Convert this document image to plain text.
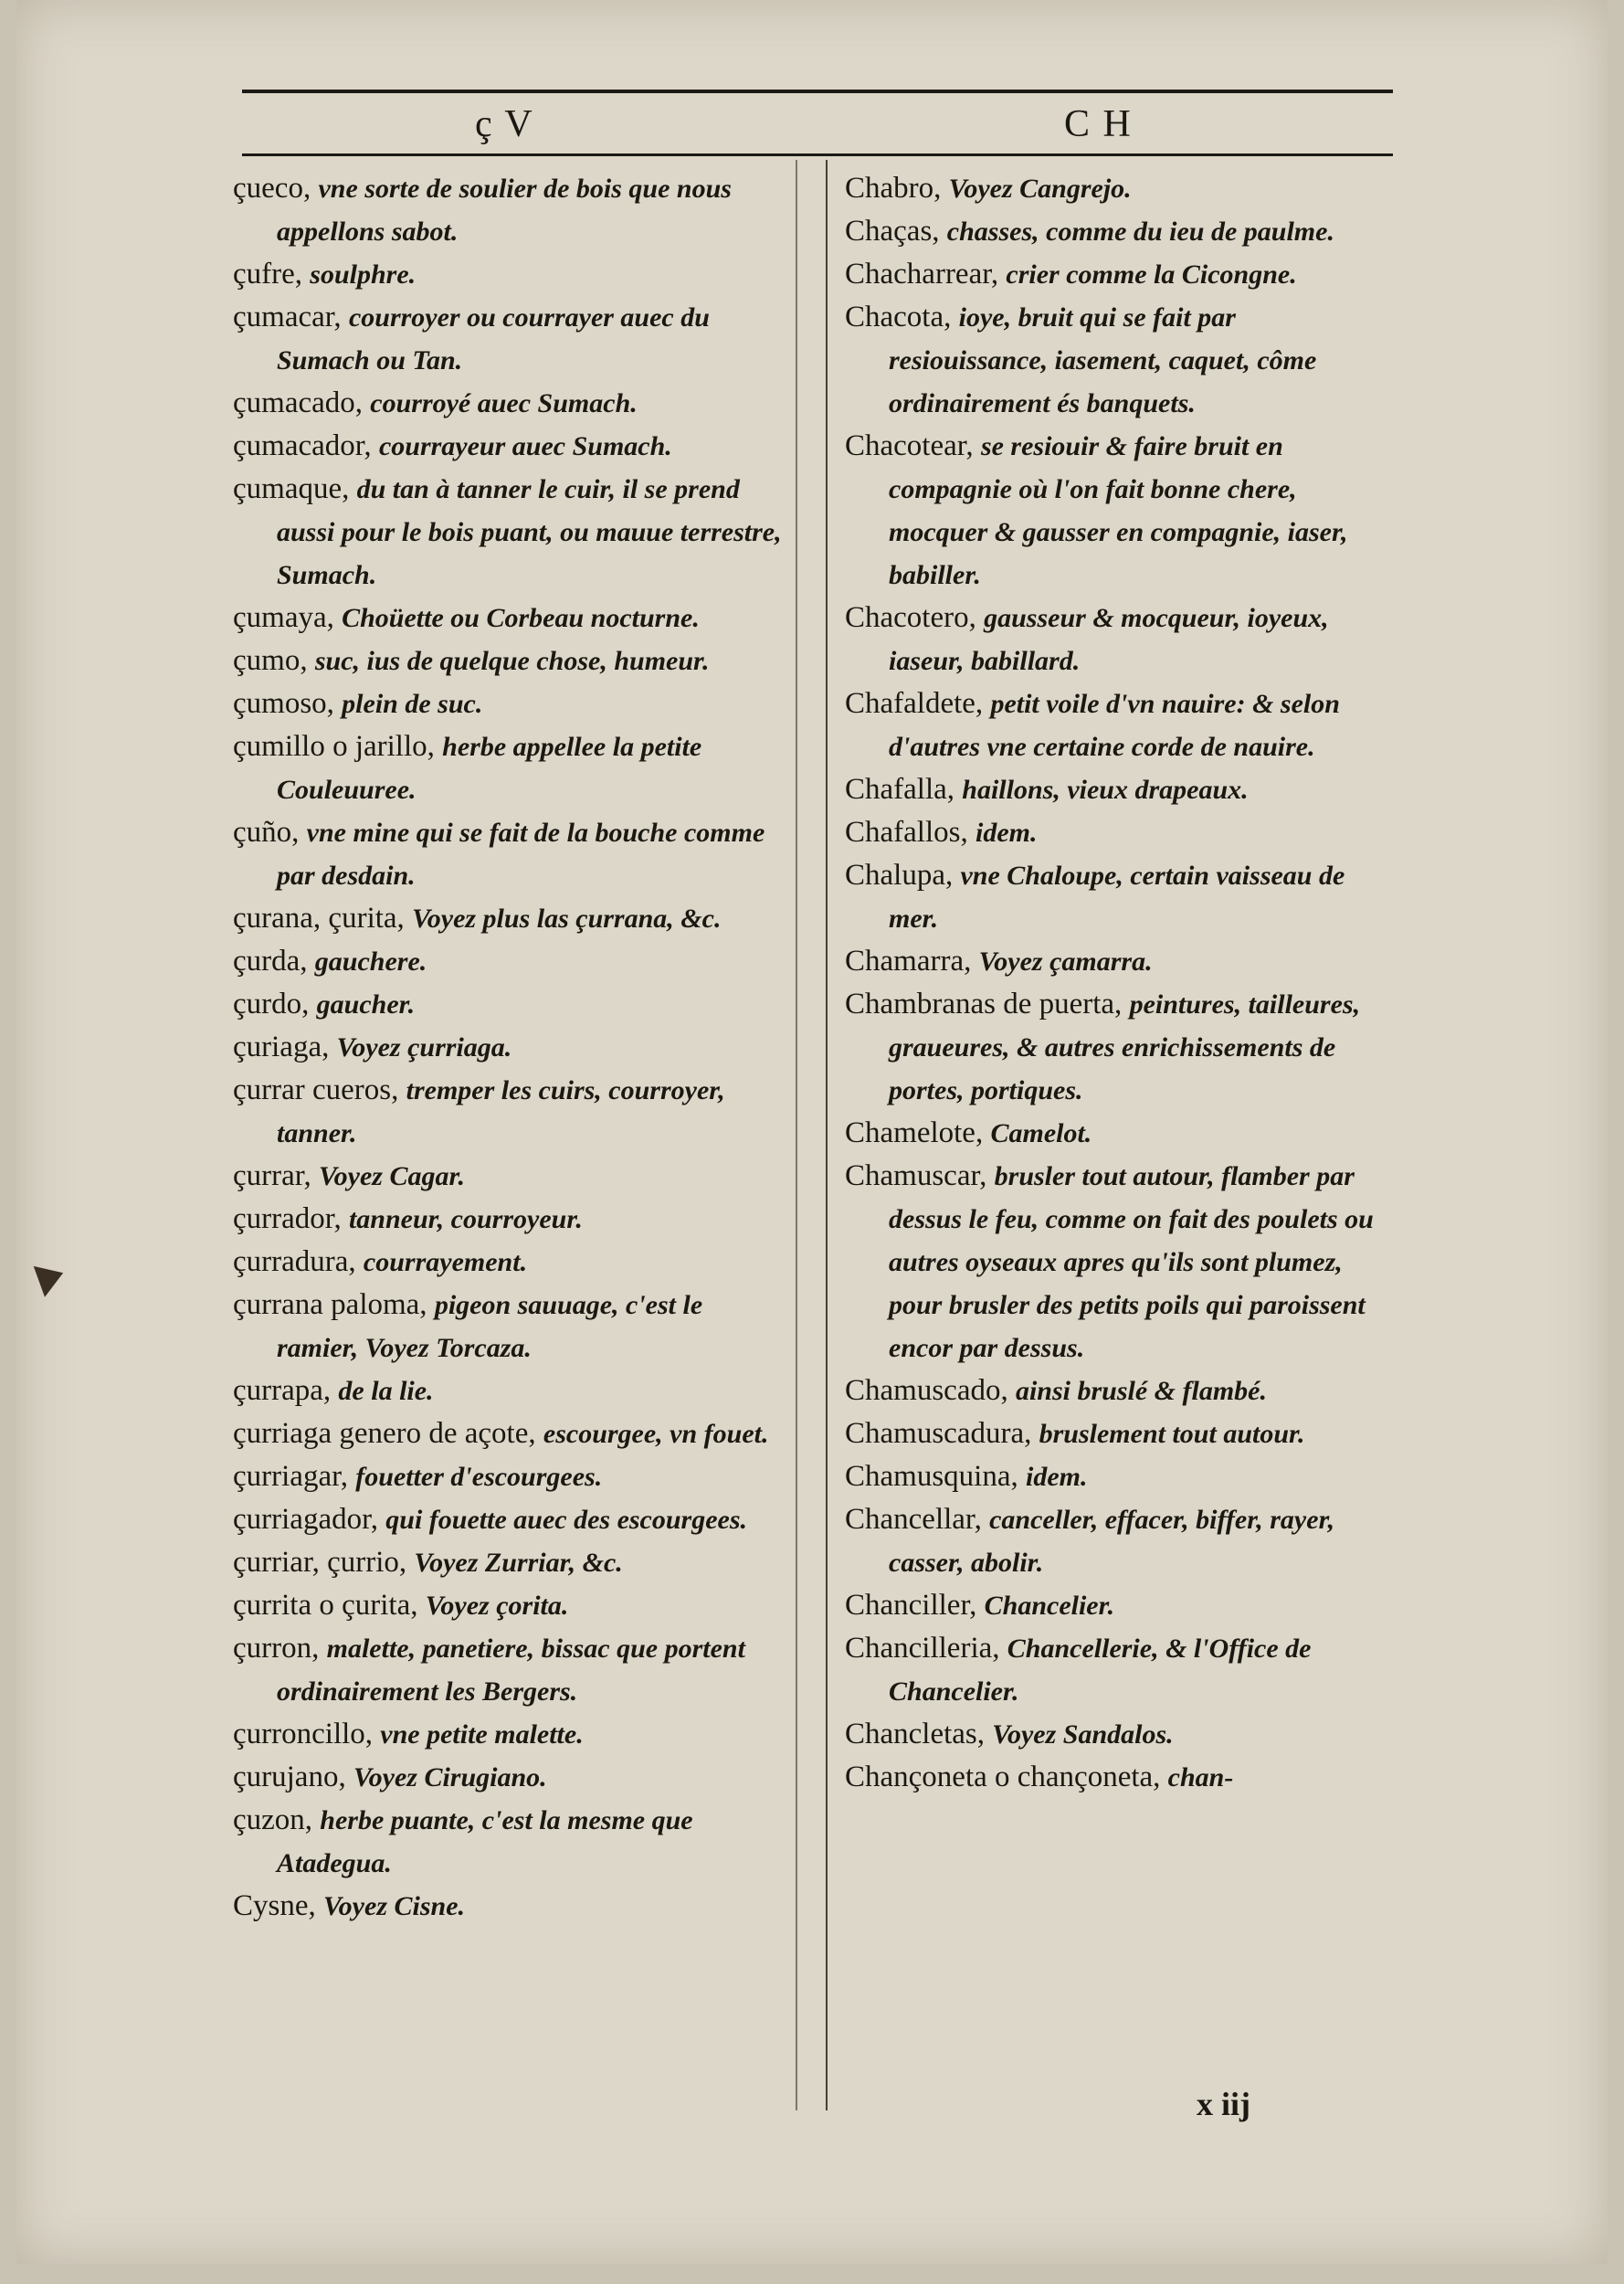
ç V	C H

çueco, vne sorte de soulier de bois que nous appellons sabot.

çufre, soulphre.

çumacar, courroyer ou courrayer auec du Sumach ou Tan.

çumacado, courroyé auec Sumach.

çumacador, courrayeur auec Sumach.

çumaque, du tan à tanner le cuir, il se prend aussi pour le bois puant, ou mauue terrestre, Sumach.

çumaya, Choüette ou Corbeau nocturne.

çumo, suc, ius de quelque chose, humeur.

çumoso, plein de suc.

çumillo o jarillo, herbe appellee la petite Couleuuree.

çuño, vne mine qui se fait de la bouche comme par desdain.

çurana, çurita, Voyez plus las çurrana, &c.

çurda, gauchere.

çurdo, gaucher.

çuriaga, Voyez çurriaga.

çurrar cueros, tremper les cuirs, courroyer, tanner.

çurrar, Voyez Cagar.

çurrador, tanneur, courroyeur.

çurradura, courrayement.

çurrana paloma, pigeon sauuage, c'est le ramier, Voyez Torcaza.

çurrapa, de la lie.

çurriaga genero de açote, escourgee, vn fouet.

çurriagar, fouetter d'escourgees.

çurriagador, qui fouette auec des escourgees.

çurriar, çurrio, Voyez Zurriar, &c.

çurrita o çurita, Voyez çorita.

çurron, malette, panetiere, bissac que portent ordinairement les Bergers.

çurroncillo, vne petite malette.

çurujano, Voyez Cirugiano.

çuzon, herbe puante, c'est la mesme que Atadegua.

Cysne, Voyez Cisne.

Chabro, Voyez Cangrejo.

Chaças, chasses, comme du ieu de paulme.

Chacharrear, crier comme la Cicongne.

Chacota, ioye, bruit qui se fait par resiouissance, iasement, caquet, côme ordinairement és banquets.

Chacotear, se resiouir & faire bruit en compagnie où l'on fait bonne chere, mocquer & gausser en compagnie, iaser, babiller.

Chacotero, gausseur & mocqueur, ioyeux, iaseur, babillard.

Chafaldete, petit voile d'vn nauire: & selon d'autres vne certaine corde de nauire.

Chafalla, haillons, vieux drapeaux.

Chafallos, idem.

Chalupa, vne Chaloupe, certain vaisseau de mer.

Chamarra, Voyez çamarra.

Chambranas de puerta, peintures, tailleures, graueures, & autres enrichissements de portes, portiques.

Chamelote, Camelot.

Chamuscar, brusler tout autour, flamber par dessus le feu, comme on fait des poulets ou autres oyseaux apres qu'ils sont plumez, pour brusler des petits poils qui paroissent encor par dessus.

Chamuscado, ainsi bruslé & flambé.

Chamuscadura, bruslement tout autour.

Chamusquina, idem.

Chancellar, canceller, effacer, biffer, rayer, casser, abolir.

Chanciller, Chancelier.

Chancilleria, Chancellerie, & l'Office de Chancelier.

Chancletas, Voyez Sandalos.

Chançoneta o chançoneta, chan-

x iij
